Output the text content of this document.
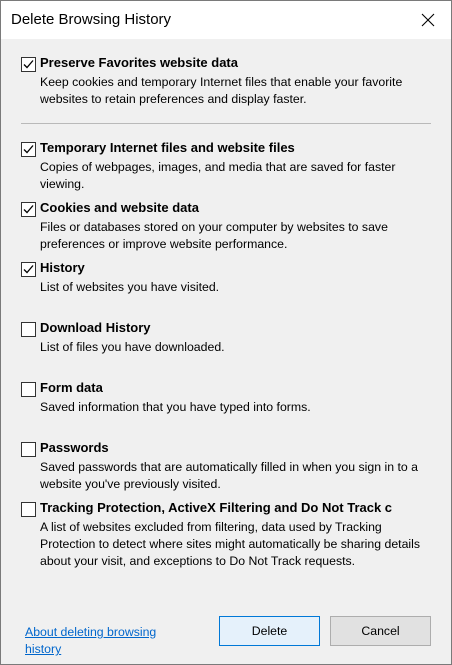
Delete Browsing History
Preserve Favorites website data
Keep cookies and temporary Internet files that enable your favorite websites to retain preferences and display faster.
Temporary Internet files and website files
Copies of webpages, images, and media that are saved for faster viewing.
Cookies and website data
Files or databases stored on your computer by websites to save preferences or improve website performance.
History
List of websites you have visited.
Download History
List of files you have downloaded.
Form data
Saved information that you have typed into forms.
Passwords
Saved passwords that are automatically filled in when you sign in to a website you've previously visited.
Tracking Protection, ActiveX Filtering and Do Not Track c
A list of websites excluded from filtering, data used by Tracking Protection to detect where sites might automatically be sharing details about your visit, and exceptions to Do Not Track requests.
About deleting browsing history
Delete	Cancel
